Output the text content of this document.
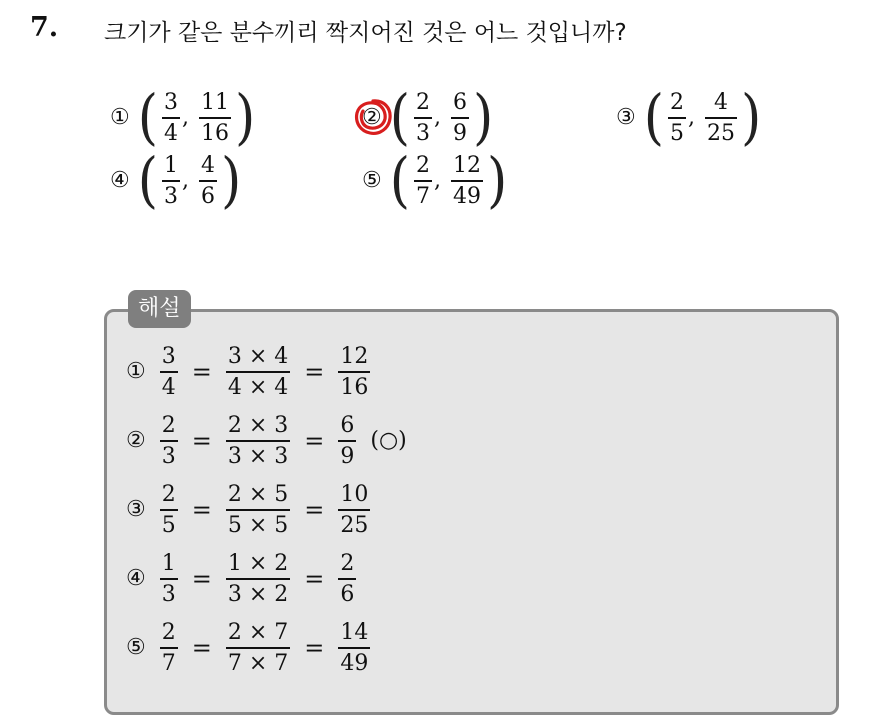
7. 크기가 같은 분수끼리 짝지어진 것은 어느 것입니까?
① ( $\frac{3}{4}$ , $\frac{11}{16}$ )	② ( $\frac{2}{3}$ , $\frac{6}{9}$ )	③ ( $\frac{2}{5}$ , $\frac{4}{25}$ )
④ ( $\frac{1}{3}$ , $\frac{4}{6}$ )	⑤ ( $\frac{2}{7}$ , $\frac{12}{49}$ )
해설
① $\frac{3}{4} = \frac{3 \times 4}{4 \times 4} = \frac{12}{16}$
② $\frac{2}{3} = \frac{2 \times 3}{3 \times 3} = \frac{6}{9}$ (○)
③ $\frac{2}{5} = \frac{2 \times 5}{5 \times 5} = \frac{10}{25}$
④ $\frac{1}{3} = \frac{1 \times 2}{3 \times 2} = \frac{2}{6}$
⑤ $\frac{2}{7} = \frac{2 \times 7}{7 \times 7} = \frac{14}{49}$
